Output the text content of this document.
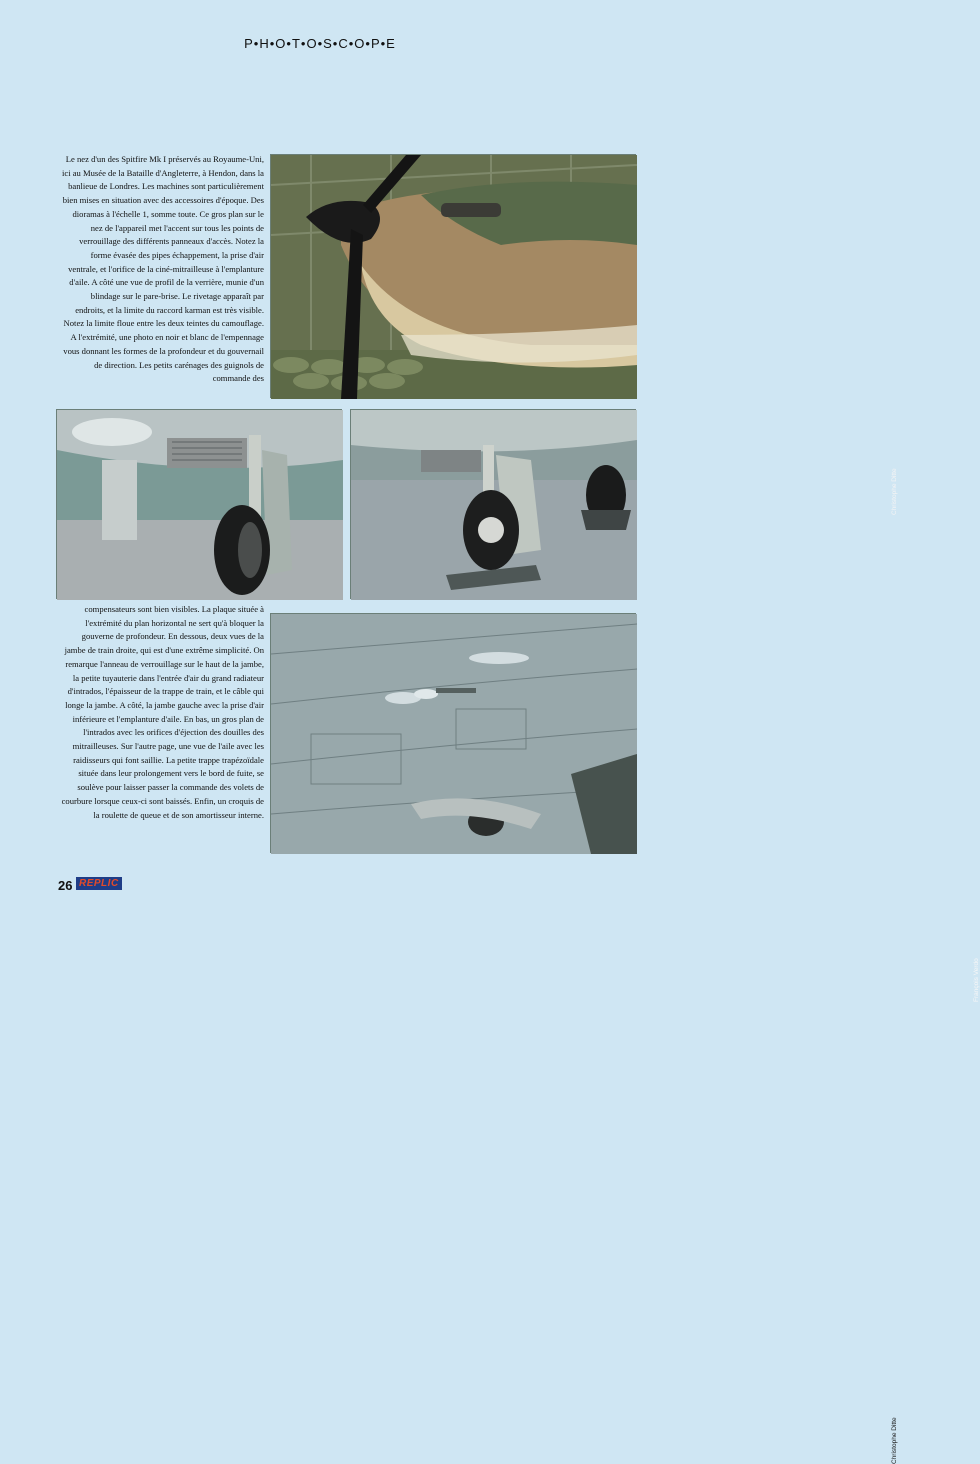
P•H•O•T•O•S•C•O•P•E
Le nez d'un des Spitfire Mk I préservés au Royaume-Uni, ici au Musée de la Bataille d'Angleterre, à Hendon, dans la banlieue de Londres. Les machines sont particulièrement bien mises en situation avec des accessoires d'époque. Des dioramas à l'échelle 1, somme toute. Ce gros plan sur le nez de l'appareil met l'accent sur tous les points de verrouillage des différents panneaux d'accès. Notez la forme évasée des pipes échappement, la prise d'air ventrale, et l'orifice de la ciné-mitrailleuse à l'emplanture d'aile. A côté une vue de profil de la verrière, munie d'un blindage sur le pare-brise. Le rivetage apparaît par endroits, et la limite du raccord karman est très visible. Notez la limite floue entre les deux teintes du camouflage. A l'extrémité, une photo en noir et blanc de l'empennage vous donnant les formes de la profondeur et du gouvernail de direction. Les petits carénages des guignols de commande des
Christophe Ditte
François Verdo
compensateurs sont bien visibles. La plaque située à l'extrémité du plan horizontal ne sert qu'à bloquer la gouverne de profondeur. En dessous, deux vues de la jambe de train droite, qui est d'une extrême simplicité. On remarque l'anneau de verrouillage sur le haut de la jambe, la petite tuyauterie dans l'entrée d'air du grand radiateur d'intrados, l'épaisseur de la trappe de train, et le câble qui longe la jambe. A côté, la jambe gauche avec la prise d'air inférieure et l'emplanture d'aile. En bas, un gros plan de l'intrados avec les orifices d'éjection des douilles des mitrailleuses. Sur l'autre page, une vue de l'aile avec les raidisseurs qui font saillie. La petite trappe trapézoïdale située dans leur prolongement vers le bord de fuite, se soulève pour laisser passer la commande des volets de courbure lorsque ceux-ci sont baissés. Enfin, un croquis de la roulette de queue et de son amortisseur interne.
Christophe Ditte
26 REPLIC
